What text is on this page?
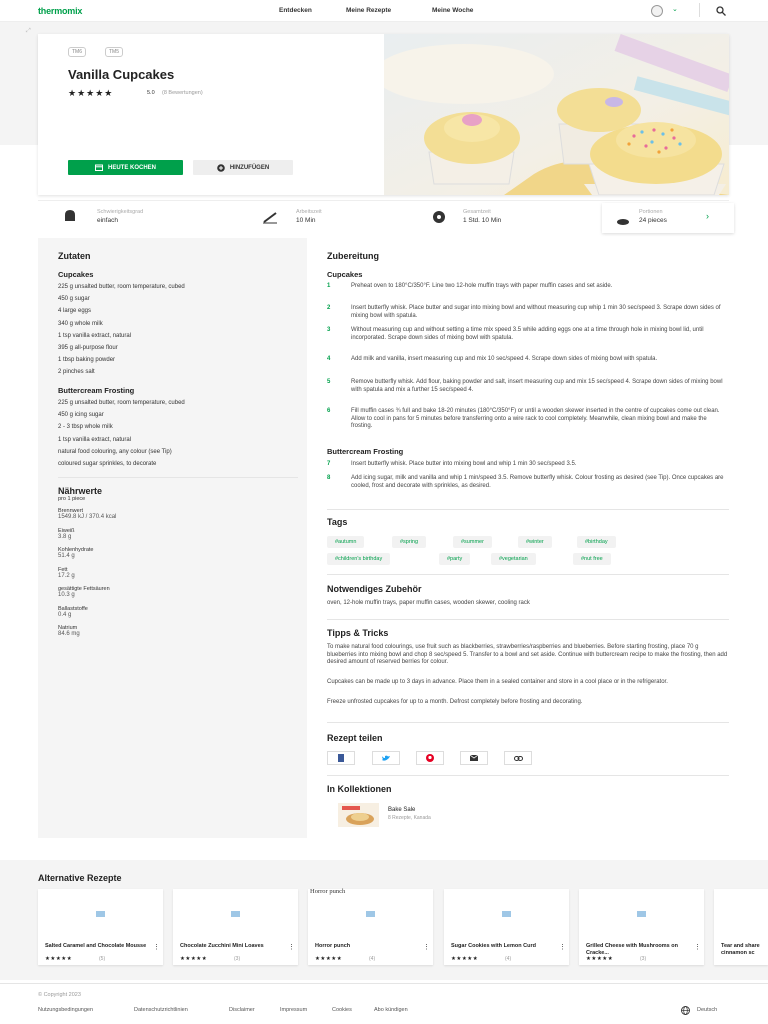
thermomix	Entdecken	Meine Rezepte	Meine Woche	⌄
⤢
TM6	TM5
Vanilla Cupcakes
★★★★★	5.0 (8 Bewertungen)
HEUTE KOCHEN	HINZUFÜGEN
Schwierigkeitsgrad
einfach
Arbeitszeit
10 Min
Gesamtzeit
1 Std. 10 Min
Portionen
24 pieces	›
Zutaten
Cupcakes
225 g unsalted butter, room temperature, cubed
450 g sugar
4 large eggs
340 g whole milk
1 tsp vanilla extract, natural
395 g all-purpose flour
1 tbsp baking powder
2 pinches salt
Buttercream Frosting
225 g unsalted butter, room temperature, cubed
450 g icing sugar
2 - 3 tbsp whole milk
1 tsp vanilla extract, natural
natural food colouring, any colour (see Tip)
coloured sugar sprinkles, to decorate
Nährwerte
pro 1 piece
Brennwert
1549.8 kJ / 370.4 kcal
Eiweiß
3.8 g
Kohlenhydrate
51.4 g
Fett
17.2 g
gesättigte Fettsäuren
10.3 g
Ballaststoffe
0.4 g
Natrium
84.6 mg
Zubereitung
Cupcakes
1	Preheat oven to 180°C/350°F. Line two 12-hole muffin trays with paper muffin cases and set aside.
2	Insert butterfly whisk. Place butter and sugar into mixing bowl and without measuring cup whip 1 min 30 sec/speed 3. Scrape down sides of mixing bowl with spatula.
3	Without measuring cup and without setting a time mix speed 3.5 while adding eggs one at a time through hole in mixing bowl lid, until incorporated. Scrape down sides of mixing bowl with spatula.
4	Add milk and vanilla, insert measuring cup and mix 10 sec/speed 4. Scrape down sides of mixing bowl with spatula.
5	Remove butterfly whisk. Add flour, baking powder and salt, insert measuring cup and mix 15 sec/speed 4. Scrape down sides of mixing bowl with spatula and mix a further 15 sec/speed 4.
6	Fill muffin cases ¾ full and bake 18-20 minutes (180°C/350°F) or until a wooden skewer inserted in the centre of cupcakes come out clean. Allow to cool in pans for 5 minutes before transferring onto a wire rack to cool completely. Meanwhile, clean mixing bowl and make the frosting.
Buttercream Frosting
7	Insert butterfly whisk. Place butter into mixing bowl and whip 1 min 30 sec/speed 3.5.
8	Add icing sugar, milk and vanilla and whip 1 min/speed 3.5. Remove butterfly whisk. Colour frosting as desired (see Tip). Once cupcakes are cooled, frost and decorate with sprinkles, as desired.
Tags
#autumn	#spring	#summer	#winter	#birthday
#children's birthday	#party	#vegetarian	#nut free
Notwendiges Zubehör
oven, 12-hole muffin trays, paper muffin cases, wooden skewer, cooling rack
Tipps & Tricks
To make natural food colourings, use fruit such as blackberries, strawberries/raspberries and blueberries. Before starting frosting, place 70 g blueberries into mixing bowl and chop 8 sec/speed 5. Transfer to a bowl and set aside. Continue with buttercream recipe to make the frosting, then add desired amount of reserved berries for colour.
Cupcakes can be made up to 3 days in advance. Place them in a sealed container and store in a cool place or in the refrigerator.
Freeze unfrosted cupcakes for up to a month. Defrost completely before frosting and decorating.
Rezept teilen
In Kollektionen
Bake Sale
8 Rezepte, Kanada
Alternative Rezepte
Salted Caramel and Chocolate Mousse ⋮
★★★★★	(5)
Chocolate Zucchini Mini Loaves	⋮
★★★★★	(3)
Horror punch
Horror punch	⋮
★★★★★	(4)
Sugar Cookies with Lemon Curd	⋮
★★★★★	(4)
Grilled Cheese with Mushrooms on Cracke...
⋮
★★★★★	(3)
Tear and share cinnamon sc
© Copyright 2023
Nutzungsbedingungen	Datenschutzrichtlinien	Disclaimer	Impressum	Cookies	Abo kündigen	Deutsch
